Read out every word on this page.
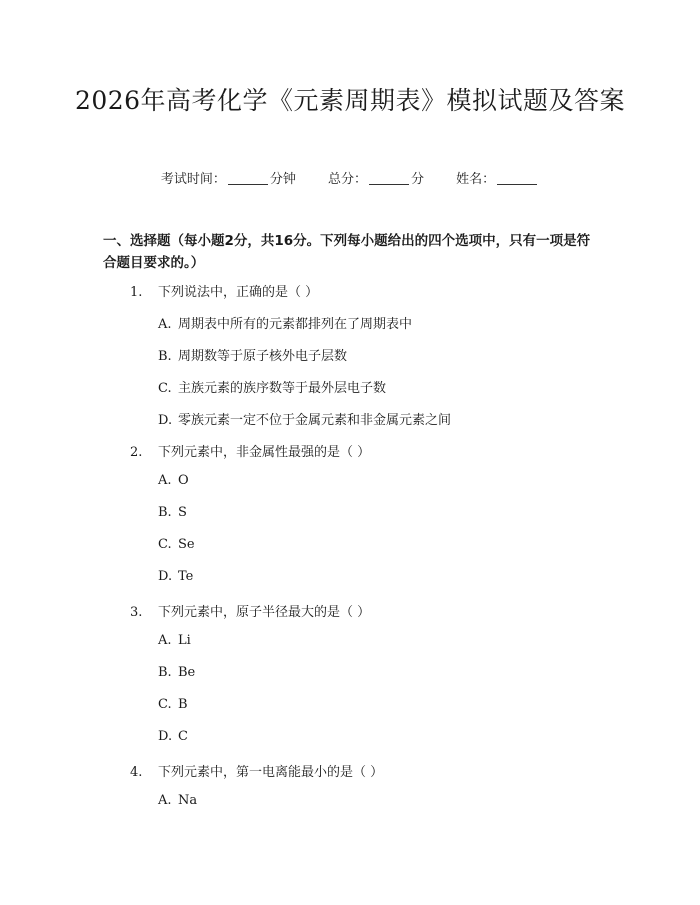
2026年高考化学《元素周期表》模拟试题及答案
考试时间：	分钟 总分：	分 姓名：
一、选择题（每小题2分，共16分。下列每小题给出的四个选项中，只有一项是符合题目要求的。）
1. 下列说法中，正确的是（ ）
A. 周期表中所有的元素都排列在了周期表中
B. 周期数等于原子核外电子层数
C. 主族元素的族序数等于最外层电子数
D. 零族元素一定不位于金属元素和非金属元素之间
2. 下列元素中，非金属性最强的是（ ）
A. O
B. S
C. Se
D. Te
3. 下列元素中，原子半径最大的是（ ）
A. Li
B. Be
C. B
D. C
4. 下列元素中，第一电离能最小的是（ ）
A. Na
